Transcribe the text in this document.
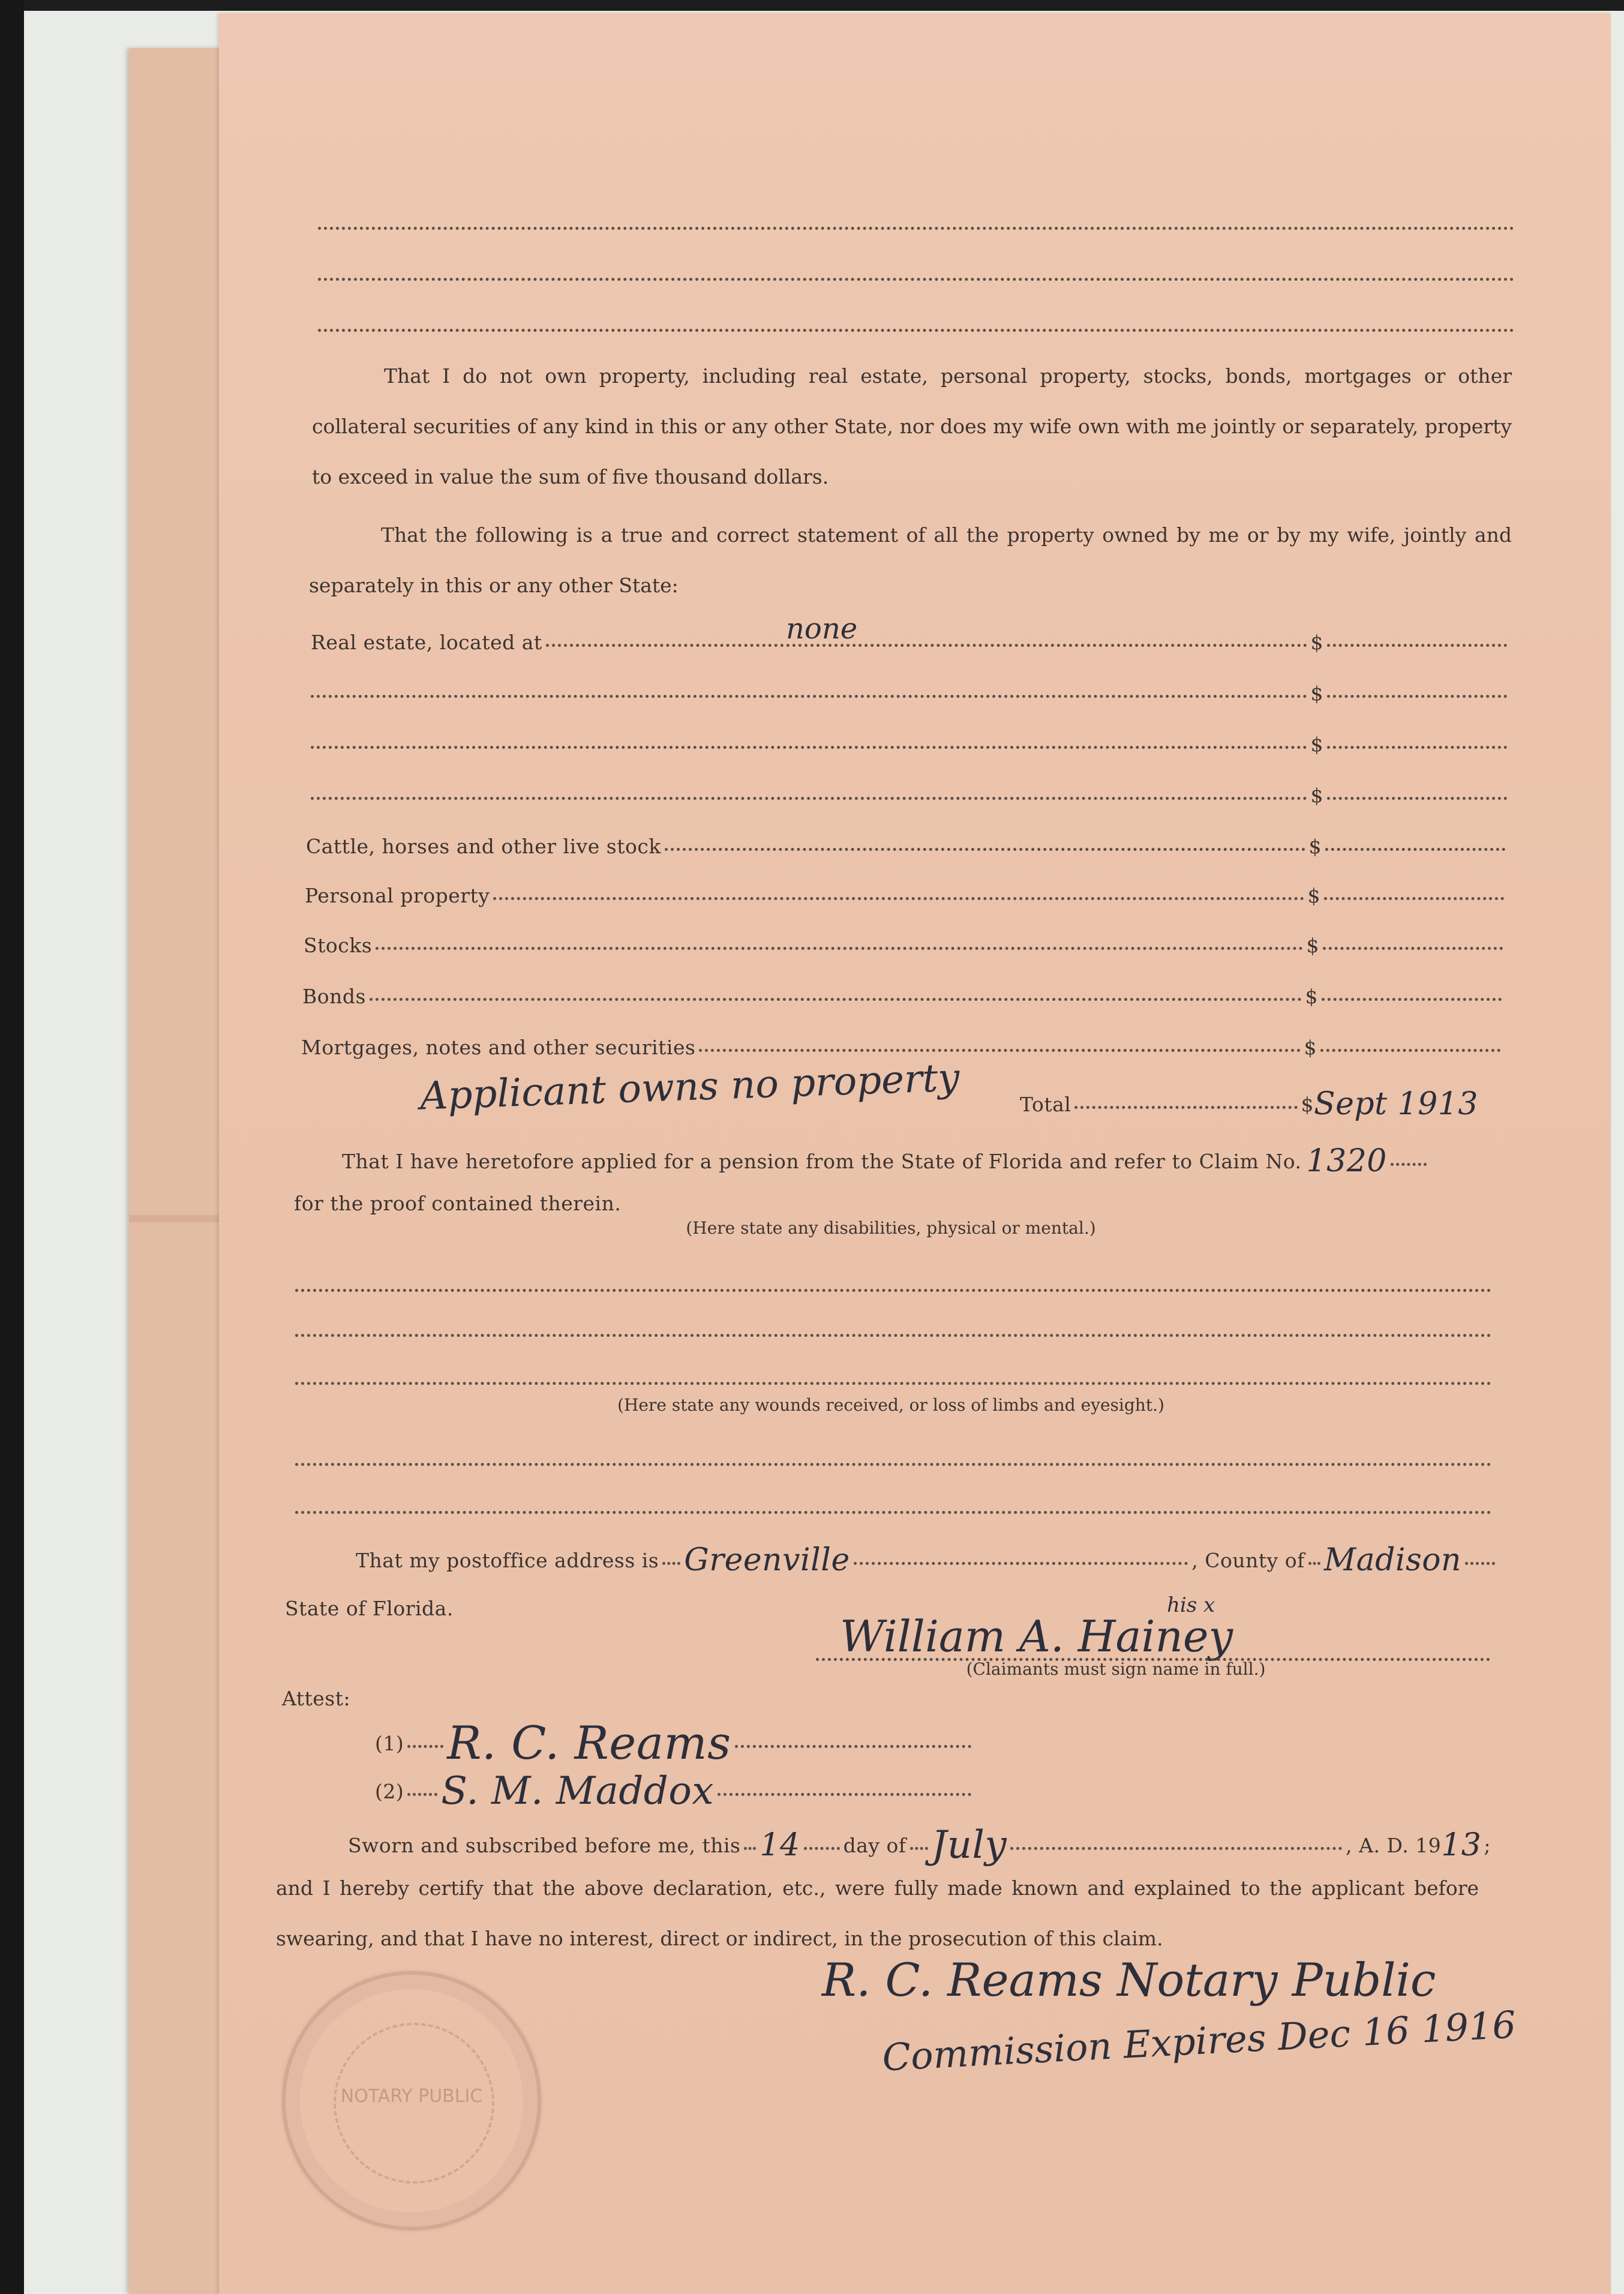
That I do not own property, including real estate, personal property, stocks, bonds, mortgages or other collateral securities of any kind in this or any other State, nor does my wife own with me jointly or separately, property to exceed in value the sum of five thousand dollars.
That the following is a true and correct statement of all the property owned by me or by my wife, jointly and separately in this or any other State:
Real estate, located at	$
none
$
$
$
Cattle, horses and other live stock	$
Personal property	$
Stocks	$
Bonds	$
Mortgages, notes and other securities	$
Applicant owns no property	Total	$ Sept 1913
That I have heretofore applied for a pension from the State of Florida and refer to Claim No. 1320
for the proof contained therein.
(Here state any disabilities, physical or mental.)
(Here state any wounds received, or loss of limbs and eyesight.)
That my postoffice address is Greenville	, County of Madison
State of Florida.	his x
William A. Hainey
(Claimants must sign name in full.)
Attest:
(1) R. C. Reams
(2) S. M. Maddox
Sworn and subscribed before me, this 14 day of July	, A. D. 19 13 ;
and I hereby certify that the above declaration, etc., were fully made known and explained to the applicant before swearing, and that I have no interest, direct or indirect, in the prosecution of this claim.
R. C. Reams Notary Public
Commission Expires Dec 16 1916
NOTARY PUBLIC
